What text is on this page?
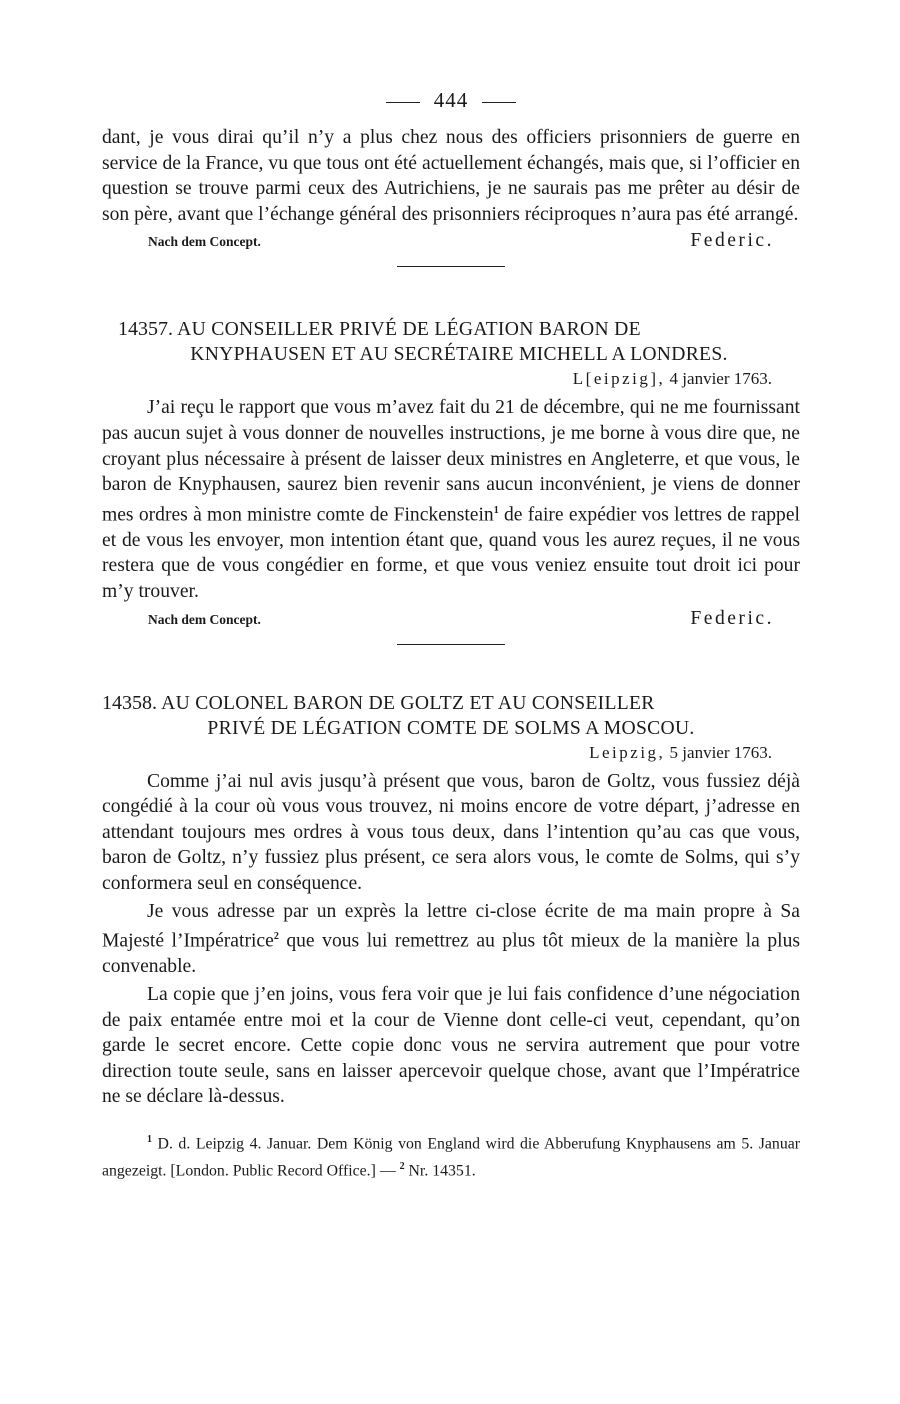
444

dant, je vous dirai qu’il n’y a plus chez nous des officiers prisonniers de guerre en service de la France, vu que tous ont été actuellement échangés, mais que, si l’officier en question se trouve parmi ceux des Autrichiens, je ne saurais pas me prêter au désir de son père, avant que l’échange général des prisonniers réciproques n’aura pas été arrangé.

Nach dem Concept.	Federic.
14357. AU CONSEILLER PRIVÉ DE LÉGATION BARON DE
KNYPHAUSEN ET AU SECRÉTAIRE MICHELL A LONDRES.
L[eipzig], 4 janvier 1763.

J’ai reçu le rapport que vous m’avez fait du 21 de décembre, qui ne me fournissant pas aucun sujet à vous donner de nouvelles instructions, je me borne à vous dire que, ne croyant plus nécessaire à présent de laisser deux ministres en Angleterre, et que vous, le baron de Knyphausen, saurez bien revenir sans aucun inconvénient, je viens de donner mes ordres à mon ministre comte de Finckenstein$^1$ de faire expédier vos lettres de rappel et de vous les envoyer, mon intention étant que, quand vous les aurez reçues, il ne vous restera que de vous congédier en forme, et que vous veniez ensuite tout droit ici pour m’y trouver.

Nach dem Concept.	Federic.
14358. AU COLONEL BARON DE GOLTZ ET AU CONSEILLER
PRIVÉ DE LÉGATION COMTE DE SOLMS A MOSCOU.
Leipzig, 5 janvier 1763.

Comme j’ai nul avis jusqu’à présent que vous, baron de Goltz, vous fussiez déjà congédié à la cour où vous vous trouvez, ni moins encore de votre départ, j’adresse en attendant toujours mes ordres à vous tous deux, dans l’intention qu’au cas que vous, baron de Goltz, n’y fussiez plus présent, ce sera alors vous, le comte de Solms, qui s’y conformera seul en conséquence.

Je vous adresse par un exprès la lettre ci-close écrite de ma main propre à Sa Majesté l’Impératrice$^2$ que vous lui remettrez au plus tôt mieux de la manière la plus convenable.

La copie que j’en joins, vous fera voir que je lui fais confidence d’une négociation de paix entamée entre moi et la cour de Vienne dont celle-ci veut, cependant, qu’on garde le secret encore. Cette copie donc vous ne servira autrement que pour votre direction toute seule, sans en laisser apercevoir quelque chose, avant que l’Impératrice ne se déclare là-dessus.

$^1$ D. d. Leipzig 4. Januar. Dem König von England wird die Abberufung Knyphausens am 5. Januar angezeigt. [London. Public Record Office.] — $^2$ Nr. 14351.
